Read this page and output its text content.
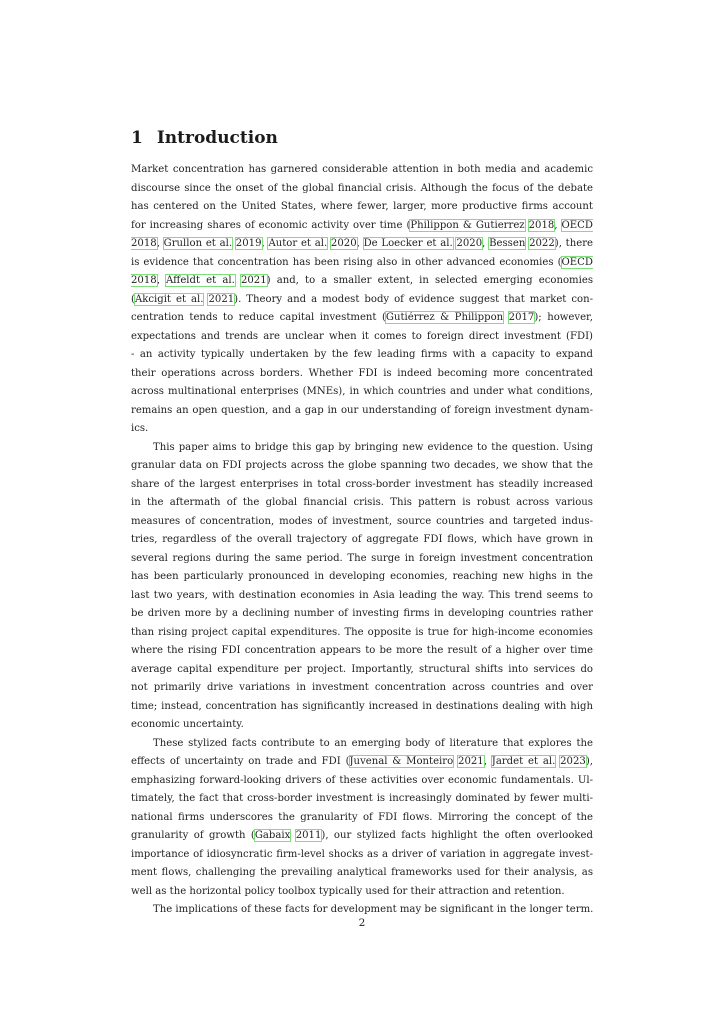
1 Introduction
Market concentration has garnered considerable attention in both media and academic
discourse since the onset of the global financial crisis. Although the focus of the debate
has centered on the United States, where fewer, larger, more productive firms account
for increasing shares of economic activity over time (Philippon & Gutierrez 2018, OECD
2018, Grullon et al. 2019, Autor et al. 2020, De Loecker et al. 2020, Bessen 2022), there
is evidence that concentration has been rising also in other advanced economies (OECD
2018, Affeldt et al. 2021) and, to a smaller extent, in selected emerging economies
(Akcigit et al. 2021). Theory and a modest body of evidence suggest that market con-
centration tends to reduce capital investment (Gutiérrez & Philippon 2017); however,
expectations and trends are unclear when it comes to foreign direct investment (FDI)
- an activity typically undertaken by the few leading firms with a capacity to expand
their operations across borders. Whether FDI is indeed becoming more concentrated
across multinational enterprises (MNEs), in which countries and under what conditions,
remains an open question, and a gap in our understanding of foreign investment dynam-
ics.
This paper aims to bridge this gap by bringing new evidence to the question. Using
granular data on FDI projects across the globe spanning two decades, we show that the
share of the largest enterprises in total cross-border investment has steadily increased
in the aftermath of the global financial crisis. This pattern is robust across various
measures of concentration, modes of investment, source countries and targeted indus-
tries, regardless of the overall trajectory of aggregate FDI flows, which have grown in
several regions during the same period. The surge in foreign investment concentration
has been particularly pronounced in developing economies, reaching new highs in the
last two years, with destination economies in Asia leading the way. This trend seems to
be driven more by a declining number of investing firms in developing countries rather
than rising project capital expenditures. The opposite is true for high-income economies
where the rising FDI concentration appears to be more the result of a higher over time
average capital expenditure per project. Importantly, structural shifts into services do
not primarily drive variations in investment concentration across countries and over
time; instead, concentration has significantly increased in destinations dealing with high
economic uncertainty.
These stylized facts contribute to an emerging body of literature that explores the
effects of uncertainty on trade and FDI (Juvenal & Monteiro 2021, Jardet et al. 2023),
emphasizing forward-looking drivers of these activities over economic fundamentals. Ul-
timately, the fact that cross-border investment is increasingly dominated by fewer multi-
national firms underscores the granularity of FDI flows. Mirroring the concept of the
granularity of growth (Gabaix 2011), our stylized facts highlight the often overlooked
importance of idiosyncratic firm-level shocks as a driver of variation in aggregate invest-
ment flows, challenging the prevailing analytical frameworks used for their analysis, as
well as the horizontal policy toolbox typically used for their attraction and retention.
The implications of these facts for development may be significant in the longer term.
2
